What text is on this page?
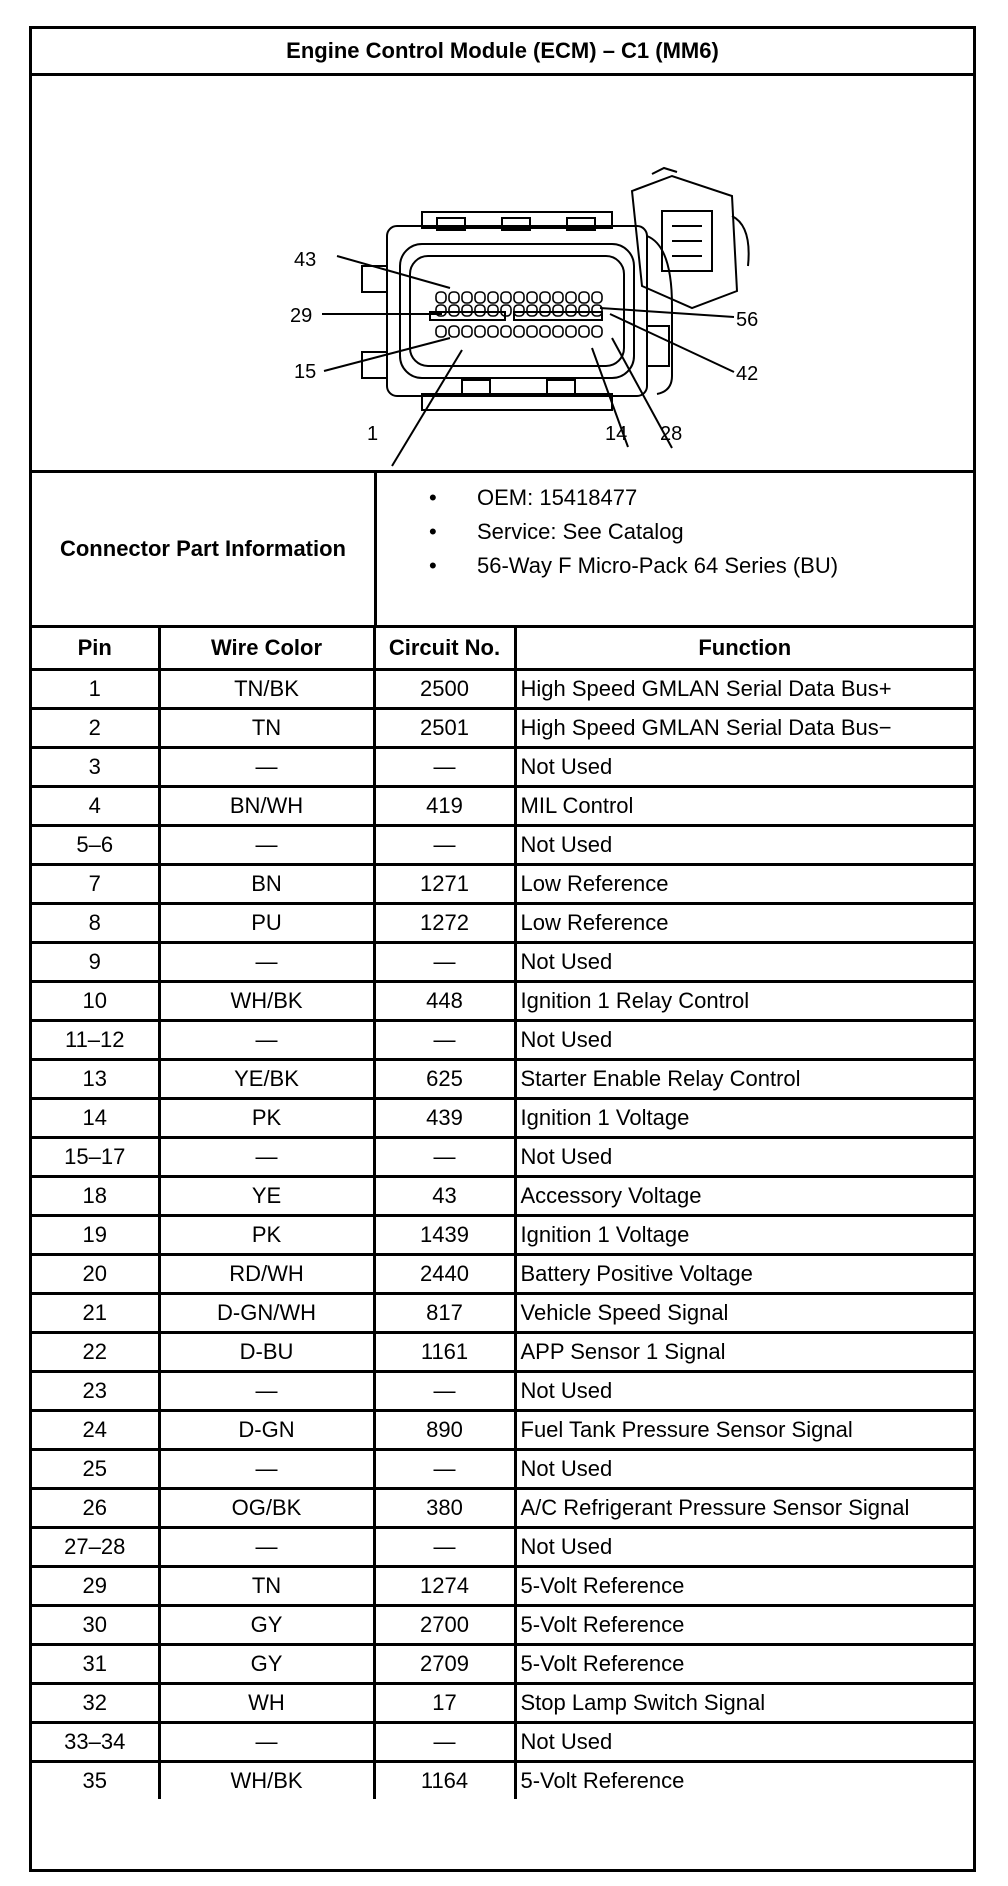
Engine Control Module (ECM) – C1 (MM6)
43
29
15
1	14 28
56
42
Connector Part Information
• OEM: 15418477
• Service: See Catalog
• 56-Way F Micro-Pack 64 Series (BU)
Pin	Wire Color	Circuit No.	Function
1	TN/BK	2500	High Speed GMLAN Serial Data Bus+
2	TN	2501	High Speed GMLAN Serial Data Bus−
3	—	—	Not Used
4	BN/WH	419	MIL Control
5–6	—	—	Not Used
7	BN	1271	Low Reference
8	PU	1272	Low Reference
9	—	—	Not Used
10	WH/BK	448	Ignition 1 Relay Control
11–12	—	—	Not Used
13	YE/BK	625	Starter Enable Relay Control
14	PK	439	Ignition 1 Voltage
15–17	—	—	Not Used
18	YE	43	Accessory Voltage
19	PK	1439	Ignition 1 Voltage
20	RD/WH	2440	Battery Positive Voltage
21	D-GN/WH	817	Vehicle Speed Signal
22	D-BU	1161	APP Sensor 1 Signal
23	—	—	Not Used
24	D-GN	890	Fuel Tank Pressure Sensor Signal
25	—	—	Not Used
26	OG/BK	380	A/C Refrigerant Pressure Sensor Signal
27–28	—	—	Not Used
29	TN	1274	5-Volt Reference
30	GY	2700	5-Volt Reference
31	GY	2709	5-Volt Reference
32	WH	17	Stop Lamp Switch Signal
33–34	—	—	Not Used
35	WH/BK	1164	5-Volt Reference
